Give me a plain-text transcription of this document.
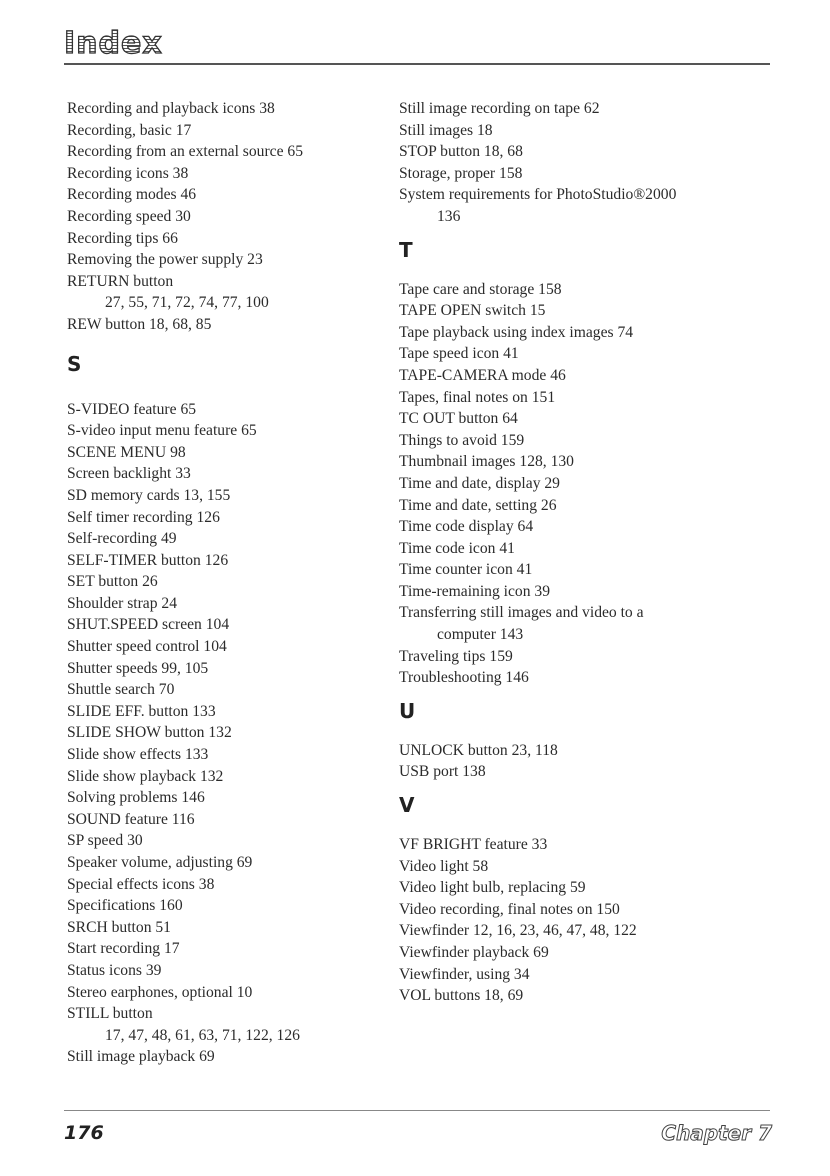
Index

Recording and playback icons 38

Recording, basic 17

Recording from an external source 65

Recording icons 38

Recording modes 46

Recording speed 30

Recording tips 66

Removing the power supply 23

RETURN button

27, 55, 71, 72, 74, 77, 100

REW button 18, 68, 85

S

S-VIDEO feature 65

S-video input menu feature 65

SCENE MENU 98

Screen backlight 33

SD memory cards 13, 155

Self timer recording 126

Self-recording 49

SELF-TIMER button 126

SET button 26

Shoulder strap 24

SHUT.SPEED screen 104

Shutter speed control 104

Shutter speeds 99, 105

Shuttle search 70

SLIDE EFF. button 133

SLIDE SHOW button 132

Slide show effects 133

Slide show playback 132

Solving problems 146

SOUND feature 116

SP speed 30

Speaker volume, adjusting 69

Special effects icons 38

Specifications 160

SRCH button 51

Start recording 17

Status icons 39

Stereo earphones, optional 10

STILL button

17, 47, 48, 61, 63, 71, 122, 126

Still image playback 69

Still image recording on tape 62

Still images 18

STOP button 18, 68

Storage, proper 158

System requirements for PhotoStudio®2000

136

T

Tape care and storage 158

TAPE OPEN switch 15

Tape playback using index images 74

Tape speed icon 41

TAPE-CAMERA mode 46

Tapes, final notes on 151

TC OUT button 64

Things to avoid 159

Thumbnail images 128, 130

Time and date, display 29

Time and date, setting 26

Time code display 64

Time code icon 41

Time counter icon 41

Time-remaining icon 39

Transferring still images and video to a

computer 143

Traveling tips 159

Troubleshooting 146

U

UNLOCK button 23, 118

USB port 138

V

VF BRIGHT feature 33

Video light 58

Video light bulb, replacing 59

Video recording, final notes on 150

Viewfinder 12, 16, 23, 46, 47, 48, 122

Viewfinder playback 69

Viewfinder, using 34

VOL buttons 18, 69

176	Chapter 7
